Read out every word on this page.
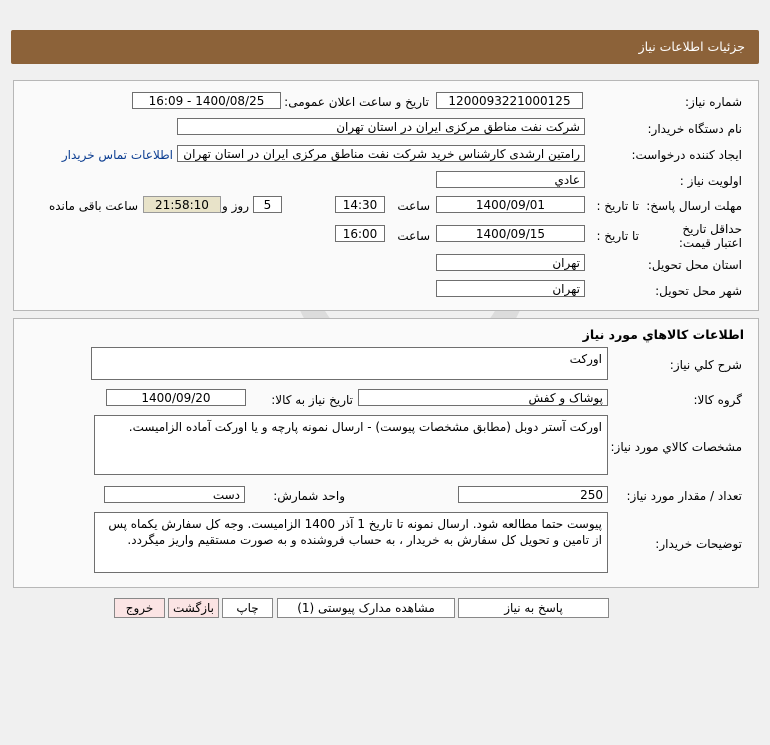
جزئیات اطلاعات نیاز
شماره نیاز:
1200093221000125
تاریخ و ساعت اعلان عمومی:
1400/08/25 - 16:09
نام دستگاه خریدار:
شرکت نفت مناطق مرکزی ایران در استان تهران
ایجاد کننده درخواست:
رامتین ارشدی کارشناس خرید شرکت نفت مناطق مرکزی ایران در استان تهران
اطلاعات تماس خریدار
اولویت نیاز :
عادي
مهلت ارسال پاسخ:
تا تاریخ :
1400/09/01
ساعت
14:30
5
روز و
21:58:10
ساعت باقی مانده
حداقل تاریخ اعتبار قیمت:
تا تاریخ :
1400/09/15
ساعت
16:00
استان محل تحویل:
تهران
شهر محل تحویل:
تهران
اطلاعات کالاهاي مورد نياز
شرح کلي نياز:
اورکت
گروه کالا:
پوشاک و کفش
تاریخ نیاز به کالا:
1400/09/20
مشخصات کالاي مورد نياز:
اورکت آستر دوبل (مطابق مشخصات پیوست) - ارسال نمونه پارچه و یا اورکت آماده الزامیست.
تعداد / مقدار مورد نیاز:
250
واحد شمارش:
دست
توضیحات خریدار:
پیوست حتما مطالعه شود. ارسال نمونه تا تاریخ 1 آذر 1400 الزامیست. وجه کل سفارش یکماه پس از تامین و تحویل کل سفارش به خریدار ، به حساب فروشنده و به صورت مستقیم واریز میگردد.
پاسخ به نیاز
مشاهده مدارک پیوستی (1)
چاپ
بازگشت
خروج
